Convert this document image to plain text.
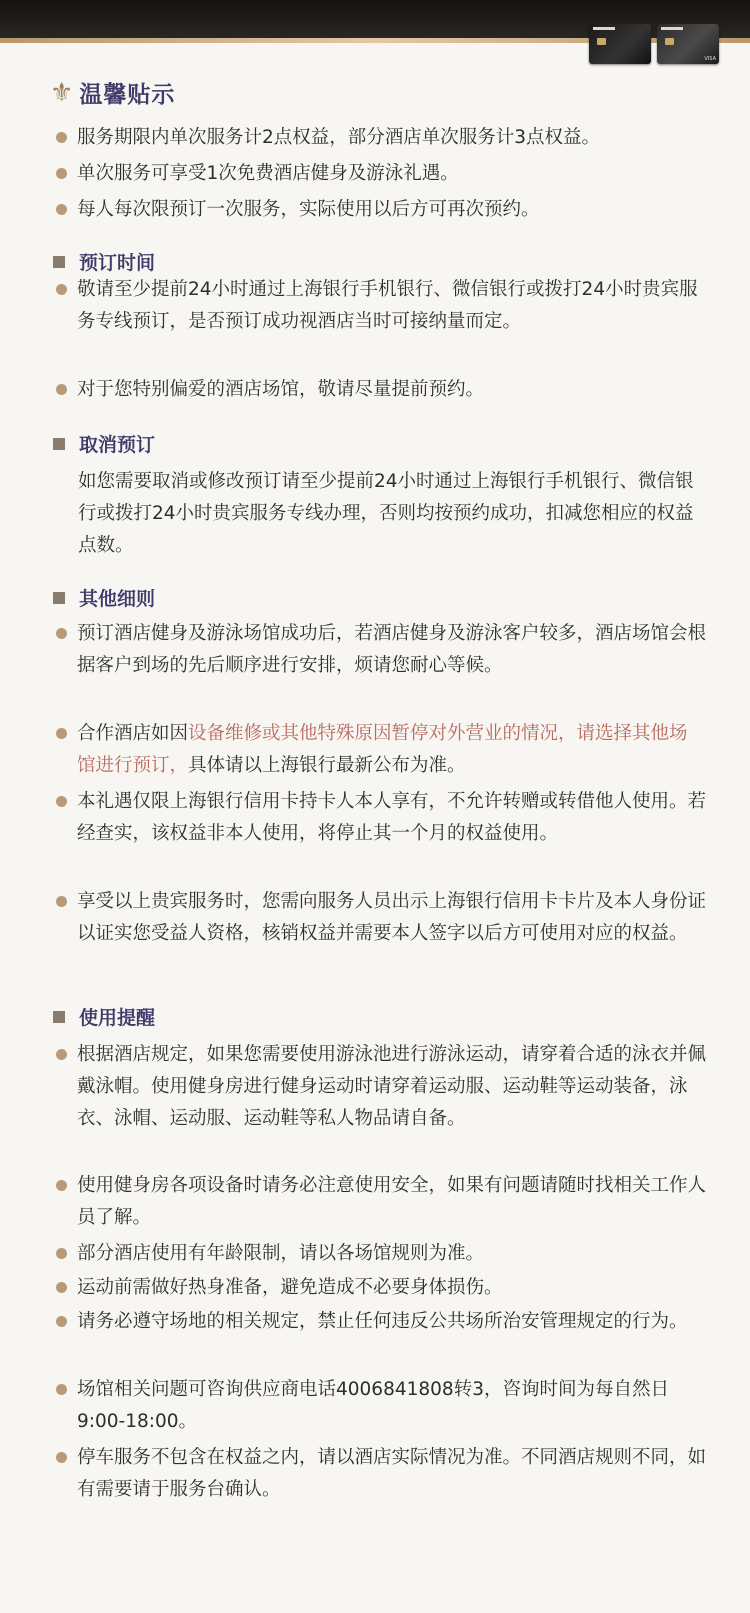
VISA
⚜ 温馨贴示
服务期限内单次服务计2点权益，部分酒店单次服务计3点权益。
单次服务可享受1次免费酒店健身及游泳礼遇。
每人每次限预订一次服务，实际使用以后方可再次预约。
预订时间
敬请至少提前24小时通过上海银行手机银行、微信银行或拨打24小时贵宾服务专线预订，是否预订成功视酒店当时可接纳量而定。
对于您特别偏爱的酒店场馆，敬请尽量提前预约。
取消预订
如您需要取消或修改预订请至少提前24小时通过上海银行手机银行、微信银行或拨打24小时贵宾服务专线办理，否则均按预约成功，扣减您相应的权益点数。
其他细则
预订酒店健身及游泳场馆成功后，若酒店健身及游泳客户较多，酒店场馆会根据客户到场的先后顺序进行安排，烦请您耐心等候。
合作酒店如因设备维修或其他特殊原因暂停对外营业的情况，请选择其他场馆进行预订，具体请以上海银行最新公布为准。
本礼遇仅限上海银行信用卡持卡人本人享有，不允许转赠或转借他人使用。若经查实，该权益非本人使用，将停止其一个月的权益使用。
享受以上贵宾服务时，您需向服务人员出示上海银行信用卡卡片及本人身份证以证实您受益人资格，核销权益并需要本人签字以后方可使用对应的权益。
使用提醒
根据酒店规定，如果您需要使用游泳池进行游泳运动，请穿着合适的泳衣并佩戴泳帽。使用健身房进行健身运动时请穿着运动服、运动鞋等运动装备，泳衣、泳帽、运动服、运动鞋等私人物品请自备。
使用健身房各项设备时请务必注意使用安全，如果有问题请随时找相关工作人员了解。
部分酒店使用有年龄限制，请以各场馆规则为准。
运动前需做好热身准备，避免造成不必要身体损伤。
请务必遵守场地的相关规定，禁止任何违反公共场所治安管理规定的行为。
场馆相关问题可咨询供应商电话4006841808转3，咨询时间为每自然日9:00-18:00。
停车服务不包含在权益之内，请以酒店实际情况为准。不同酒店规则不同，如有需要请于服务台确认。
